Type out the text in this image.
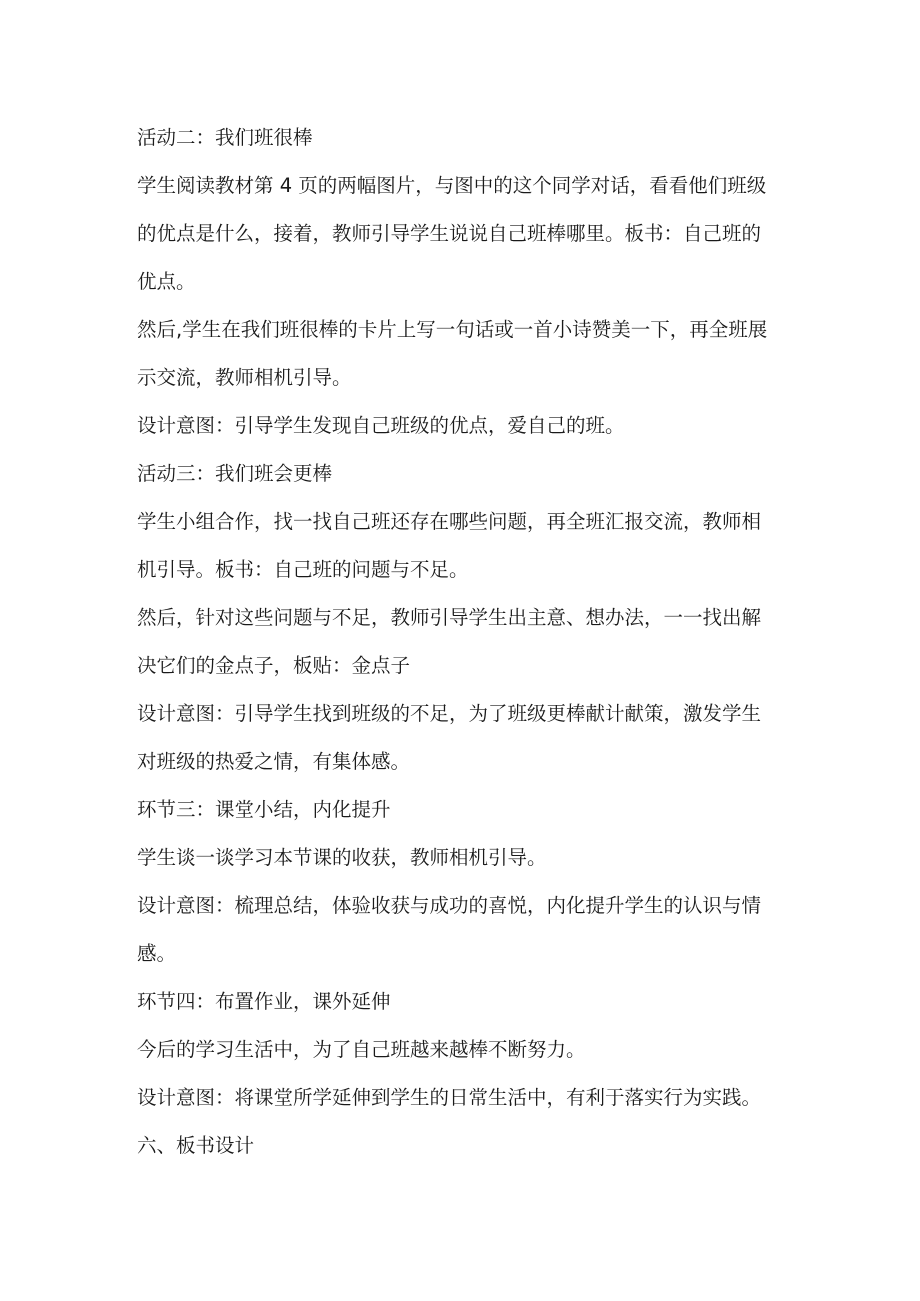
活动二：我们班很棒
学生阅读教材第 4 页的两幅图片，与图中的这个同学对话，看看他们班级
的优点是什么，接着，教师引导学生说说自己班棒哪里。板书：自己班的
优点。
然后,学生在我们班很棒的卡片上写一句话或一首小诗赞美一下，再全班展
示交流，教师相机引导。
设计意图：引导学生发现自己班级的优点，爱自己的班。
活动三：我们班会更棒
学生小组合作，找一找自己班还存在哪些问题，再全班汇报交流，教师相
机引导。板书：自己班的问题与不足。
然后，针对这些问题与不足，教师引导学生出主意、想办法，一一找出解
决它们的金点子，板贴：金点子
设计意图：引导学生找到班级的不足，为了班级更棒献计献策，激发学生
对班级的热爱之情，有集体感。
环节三：课堂小结，内化提升
学生谈一谈学习本节课的收获，教师相机引导。
设计意图：梳理总结，体验收获与成功的喜悦，内化提升学生的认识与情
感。
环节四：布置作业，课外延伸
今后的学习生活中，为了自己班越来越棒不断努力。
设计意图：将课堂所学延伸到学生的日常生活中，有利于落实行为实践。
六、板书设计
